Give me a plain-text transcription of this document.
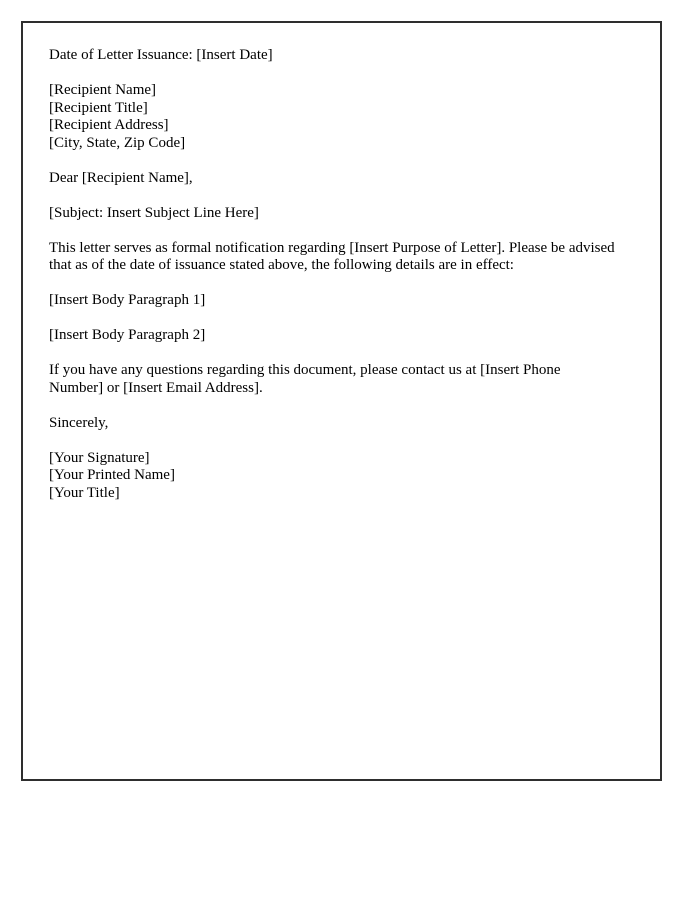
Date of Letter Issuance: [Insert Date]

[Recipient Name]
[Recipient Title]
[Recipient Address]
[City, State, Zip Code]

Dear [Recipient Name],

[Subject: Insert Subject Line Here]

This letter serves as formal notification regarding [Insert Purpose of Letter]. Please be advised that as of the date of issuance stated above, the following details are in effect:

[Insert Body Paragraph 1]

[Insert Body Paragraph 2]

If you have any questions regarding this document, please contact us at [Insert Phone Number] or [Insert Email Address].

Sincerely,

[Your Signature]
[Your Printed Name]
[Your Title]
